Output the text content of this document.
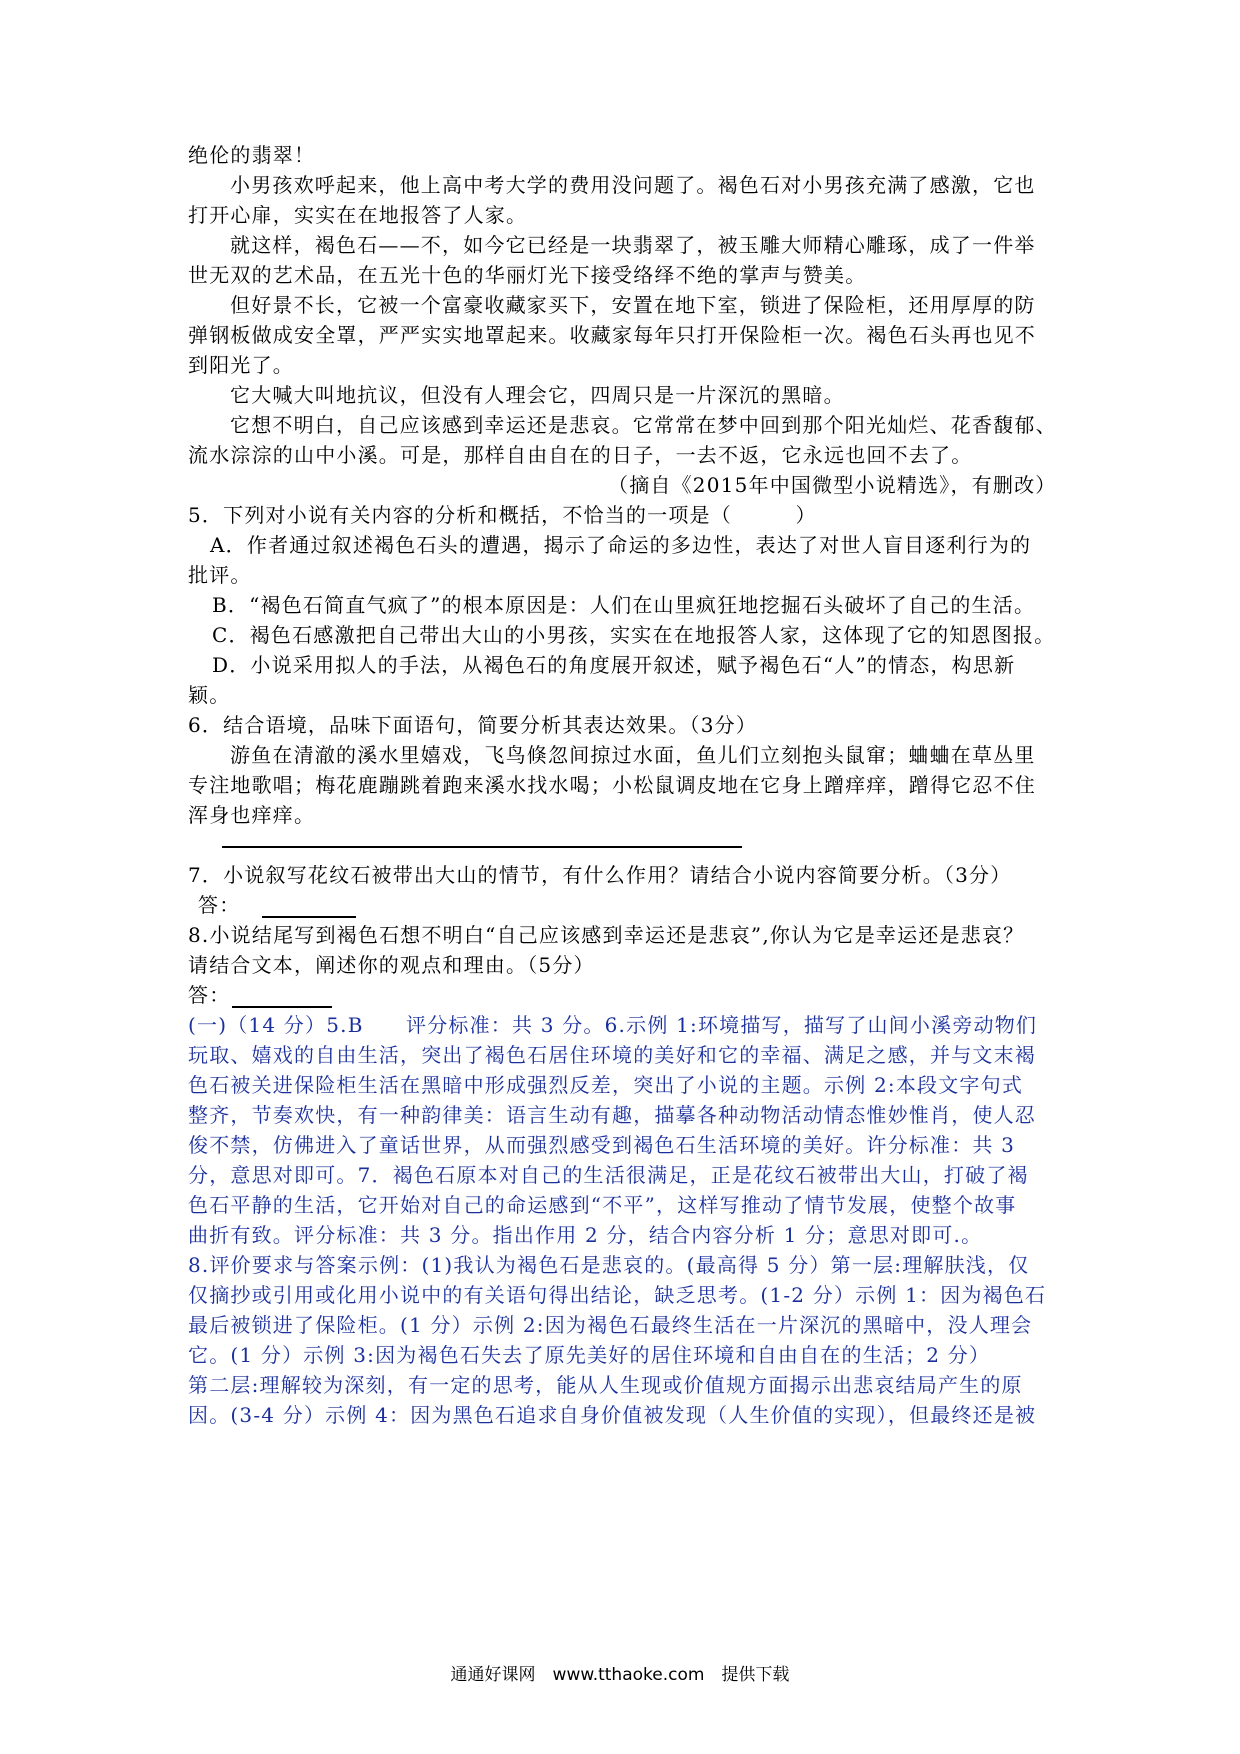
绝伦的翡翠！
小男孩欢呼起来，他上高中考大学的费用没问题了。褐色石对小男孩充满了感激，它也
打开心扉，实实在在地报答了人家。
就这样，褐色石——不，如今它已经是一块翡翠了，被玉雕大师精心雕琢，成了一件举
世无双的艺术品，在五光十色的华丽灯光下接受络绎不绝的掌声与赞美。
但好景不长，它被一个富豪收藏家买下，安置在地下室，锁进了保险柜，还用厚厚的防
弹钢板做成安全罩，严严实实地罩起来。收藏家每年只打开保险柜一次。褐色石头再也见不
到阳光了。
它大喊大叫地抗议，但没有人理会它，四周只是一片深沉的黑暗。
它想不明白，自己应该感到幸运还是悲哀。它常常在梦中回到那个阳光灿烂、花香馥郁、
流水淙淙的山中小溪。可是，那样自由自在的日子，一去不返，它永远也回不去了。
（摘自《2015年中国微型小说精选》，有删改）
5．下列对小说有关内容的分析和概括，不恰当的一项是（　　　）
A．作者通过叙述褐色石头的遭遇，揭示了命运的多边性，表达了对世人盲目逐利行为的
批评。
B．“褐色石简直气疯了”的根本原因是：人们在山里疯狂地挖掘石头破坏了自己的生活。
C．褐色石感激把自己带出大山的小男孩，实实在在地报答人家，这体现了它的知恩图报。
D．小说采用拟人的手法，从褐色石的角度展开叙述，赋予褐色石“人”的情态，构思新
颖。
6．结合语境，品味下面语句，简要分析其表达效果。（3分）
游鱼在清澈的溪水里嬉戏，飞鸟倏忽间掠过水面，鱼儿们立刻抱头鼠窜；蛐蛐在草丛里
专注地歌唱；梅花鹿蹦跳着跑来溪水找水喝；小松鼠调皮地在它身上蹭痒痒，蹭得它忍不住
浑身也痒痒。
7．小说叙写花纹石被带出大山的情节，有什么作用？请结合小说内容简要分析。（3分）
答：
8.小说结尾写到褐色石想不明白“自己应该感到幸运还是悲哀”,你认为它是幸运还是悲哀？
请结合文本，阐述你的观点和理由。（5分）
答：
(一)（14 分）5.B　　评分标准：共 3 分。6.示例 1:环境描写，描写了山间小溪旁动物们
玩取、嬉戏的自由生活，突出了褐色石居住环境的美好和它的幸福、满足之感，并与文末褐
色石被关进保险柜生活在黑暗中形成强烈反差，突出了小说的主题。示例 2:本段文字句式
整齐，节奏欢快，有一种韵律美：语言生动有趣，描摹各种动物活动情态惟妙惟肖，使人忍
俊不禁，仿佛进入了童话世界，从而强烈感受到褐色石生活环境的美好。许分标准：共 3
分，意思对即可。7．褐色石原本对自己的生活很满足，正是花纹石被带出大山，打破了褐
色石平静的生活，它开始对自己的命运感到“不平”，这样写推动了情节发展，使整个故事
曲折有致。评分标准：共 3 分。指出作用 2 分，结合内容分析 1 分；意思对即可.。
8.评价要求与答案示例：(1)我认为褐色石是悲哀的。(最高得 5 分）第一层:理解肤浅，仅
仅摘抄或引用或化用小说中的有关语句得出结论，缺乏思考。(1-2 分）示例 1：因为褐色石
最后被锁进了保险柜。(1 分）示例 2:因为褐色石最终生活在一片深沉的黑暗中，没人理会
它。(1 分）示例 3:因为褐色石失去了原先美好的居住环境和自由自在的生活；2 分）
第二层:理解较为深刻，有一定的思考，能从人生现或价值规方面揭示出悲哀结局产生的原
因。(3-4 分）示例 4：因为黑色石追求自身价值被发现（人生价值的实现），但最终还是被
通通好课网　www.tthaoke.com　提供下载
